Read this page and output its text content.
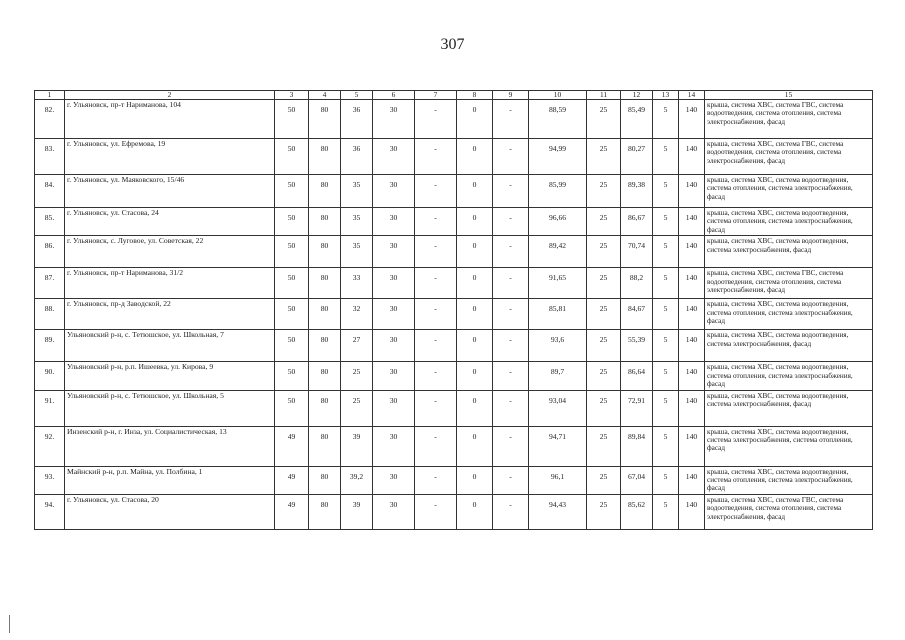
307
1	2	3	4	5	6	7	8	9	10	11	12	13	14	15
82.	г. Ульяновск, пр-т Нариманова, 104	50	80	36	30	-	0	-	88,59	25	85,49	5	140	крыша, система ХВС, система ГВС, система водоотведения, система отопления, система электроснабжения, фасад
83.	г. Ульяновск, ул. Ефремова, 19	50	80	36	30	-	0	-	94,99	25	80,27	5	140	крыша, система ХВС, система ГВС, система водоотведения, система отопления, система электроснабжения, фасад
84.	г. Ульяновск, ул. Маяковского, 15/46	50	80	35	30	-	0	-	85,99	25	89,38	5	140	крыша, система ХВС, система водоотведения, система отопления, система электроснабжения, фасад
85.	г. Ульяновск, ул. Стасова, 24	50	80	35	30	-	0	-	96,66	25	86,67	5	140	крыша, система ХВС, система водоотведения, система отопления, система электроснабжения, фасад
86.	г. Ульяновск, с. Луговое, ул. Советская, 22	50	80	35	30	-	0	-	89,42	25	70,74	5	140	крыша, система ХВС, система водоотведения, система электроснабжения, фасад
87.	г. Ульяновск, пр-т Нариманова, 31/2	50	80	33	30	-	0	-	91,65	25	88,2	5	140	крыша, система ХВС, система ГВС, система водоотведения, система отопления, система электроснабжения, фасад
88.	г. Ульяновск, пр-д Заводской, 22	50	80	32	30	-	0	-	85,81	25	84,67	5	140	крыша, система ХВС, система водоотведения, система отопления, система электроснабжения, фасад
89.	Ульяновский р-н, с. Тетюшское, ул. Школьная, 7	50	80	27	30	-	0	-	93,6	25	55,39	5	140	крыша, система ХВС, система водоотведения, система электроснабжения, фасад
90.	Ульяновский р-н, р.п. Ишеевка, ул. Кирова, 9	50	80	25	30	-	0	-	89,7	25	86,64	5	140	крыша, система ХВС, система водоотведения, система отопления, система электроснабжения, фасад
91.	Ульяновский р-н, с. Тетюшское, ул. Школьная, 5	50	80	25	30	-	0	-	93,04	25	72,91	5	140	крыша, система ХВС, система водоотведения, система электроснабжения, фасад
92.	Инзенский р-н, г. Инза, ул. Социалистическая, 13	49	80	39	30	-	0	-	94,71	25	89,84	5	140	крыша, система ХВС, система водоотведения, система электроснабжения, система отопления, фасад
93.	Майнский р-н, р.п. Майна, ул. Полбина, 1	49	80	39,2	30	-	0	-	96,1	25	67,04	5	140	крыша, система ХВС, система водоотведения, система отопления, система электроснабжения, фасад
94.	г. Ульяновск, ул. Стасова, 20	49	80	39	30	-	0	-	94,43	25	85,62	5	140	крыша, система ХВС, система ГВС, система водоотведения, система отопления, система электроснабжения, фасад
